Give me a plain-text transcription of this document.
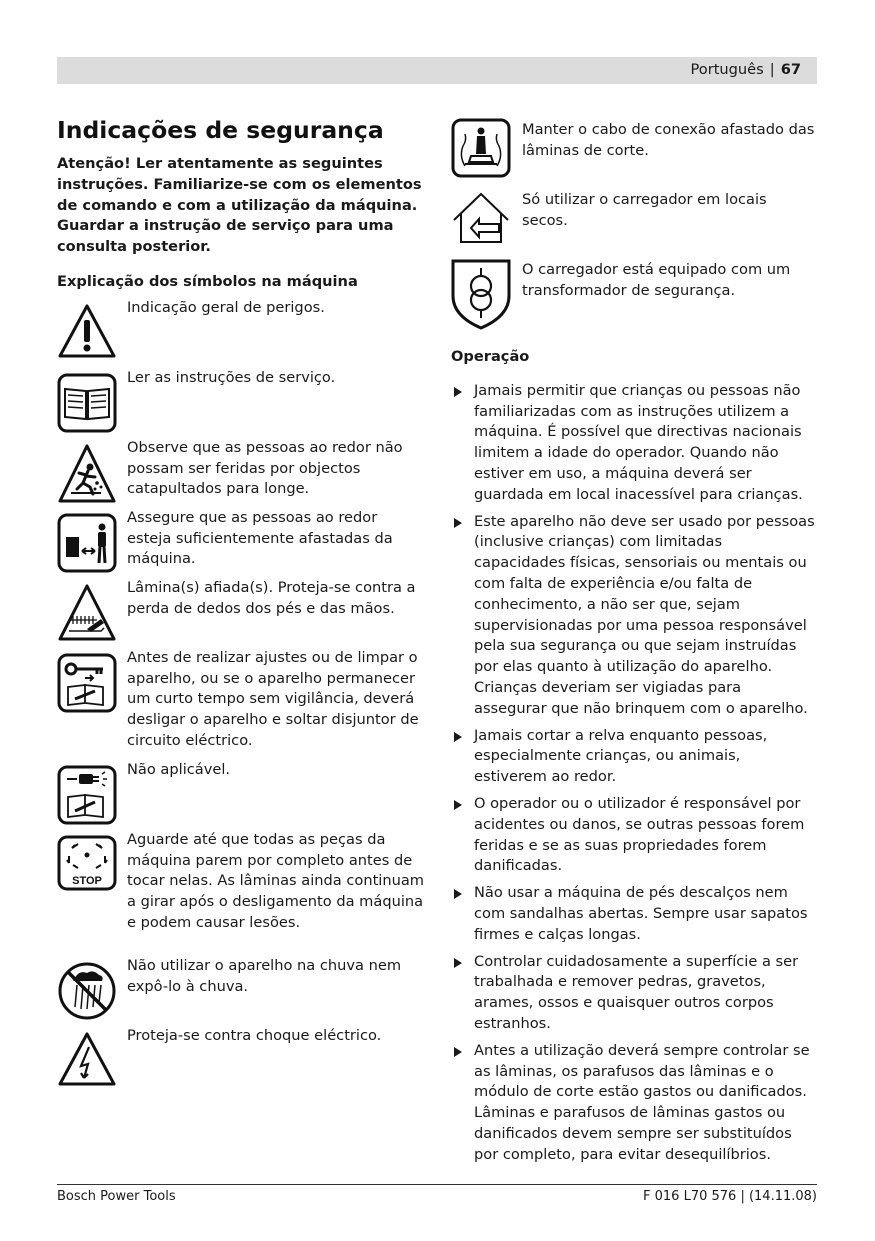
Português | 67
Indicações de segurança
Atenção! Ler atentamente as seguintes instruções. Familiarize-se com os elementos de comando e com a utilização da máquina. Guardar a instrução de serviço para uma consulta posterior.
Explicação dos símbolos na máquina
Indicação geral de perigos.
Ler as instruções de serviço.
Observe que as pessoas ao redor não possam ser feridas por objectos catapultados para longe.
Assegure que as pessoas ao redor esteja suficientemente afastadas da máquina.
Lâmina(s) afiada(s). Proteja-se contra a perda de dedos dos pés e das mãos.
Antes de realizar ajustes ou de limpar o aparelho, ou se o aparelho permanecer um curto tempo sem vigilância, deverá desligar o aparelho e soltar disjuntor de circuito eléctrico.
Não aplicável.
STOP
Aguarde até que todas as peças da máquina parem por completo antes de tocar nelas. As lâminas ainda continuam a girar após o desligamento da máquina e podem causar lesões.
Não utilizar o aparelho na chuva nem expô-lo à chuva.
Proteja-se contra choque eléctrico.
Manter o cabo de conexão afastado das lâminas de corte.
Só utilizar o carregador em locais secos.
O carregador está equipado com um transformador de segurança.
Operação
Jamais permitir que crianças ou pessoas não familiarizadas com as instruções utilizem a máquina. É possível que directivas nacionais limitem a idade do operador. Quando não estiver em uso, a máquina deverá ser guardada em local inacessível para crianças.
Este aparelho não deve ser usado por pessoas (inclusive crianças) com limitadas capacidades físicas, sensoriais ou mentais ou com falta de experiência e/ou falta de conhecimento, a não ser que, sejam supervisionadas por uma pessoa responsável pela sua segurança ou que sejam instruídas por elas quanto à utilização do aparelho.
Crianças deveriam ser vigiadas para assegurar que não brinquem com o aparelho.
Jamais cortar a relva enquanto pessoas, especialmente crianças, ou animais, estiverem ao redor.
O operador ou o utilizador é responsável por acidentes ou danos, se outras pessoas forem feridas e se as suas propriedades forem danificadas.
Não usar a máquina de pés descalços nem com sandalhas abertas. Sempre usar sapatos firmes e calças longas.
Controlar cuidadosamente a superfície a ser trabalhada e remover pedras, gravetos, arames, ossos e quaisquer outros corpos estranhos.
Antes a utilização deverá sempre controlar se as lâminas, os parafusos das lâminas e o módulo de corte estão gastos ou danificados. Lâminas e parafusos de lâminas gastos ou danificados devem sempre ser substituídos por completo, para evitar desequilíbrios.
Bosch Power Tools	F 016 L70 576 | (14.11.08)
